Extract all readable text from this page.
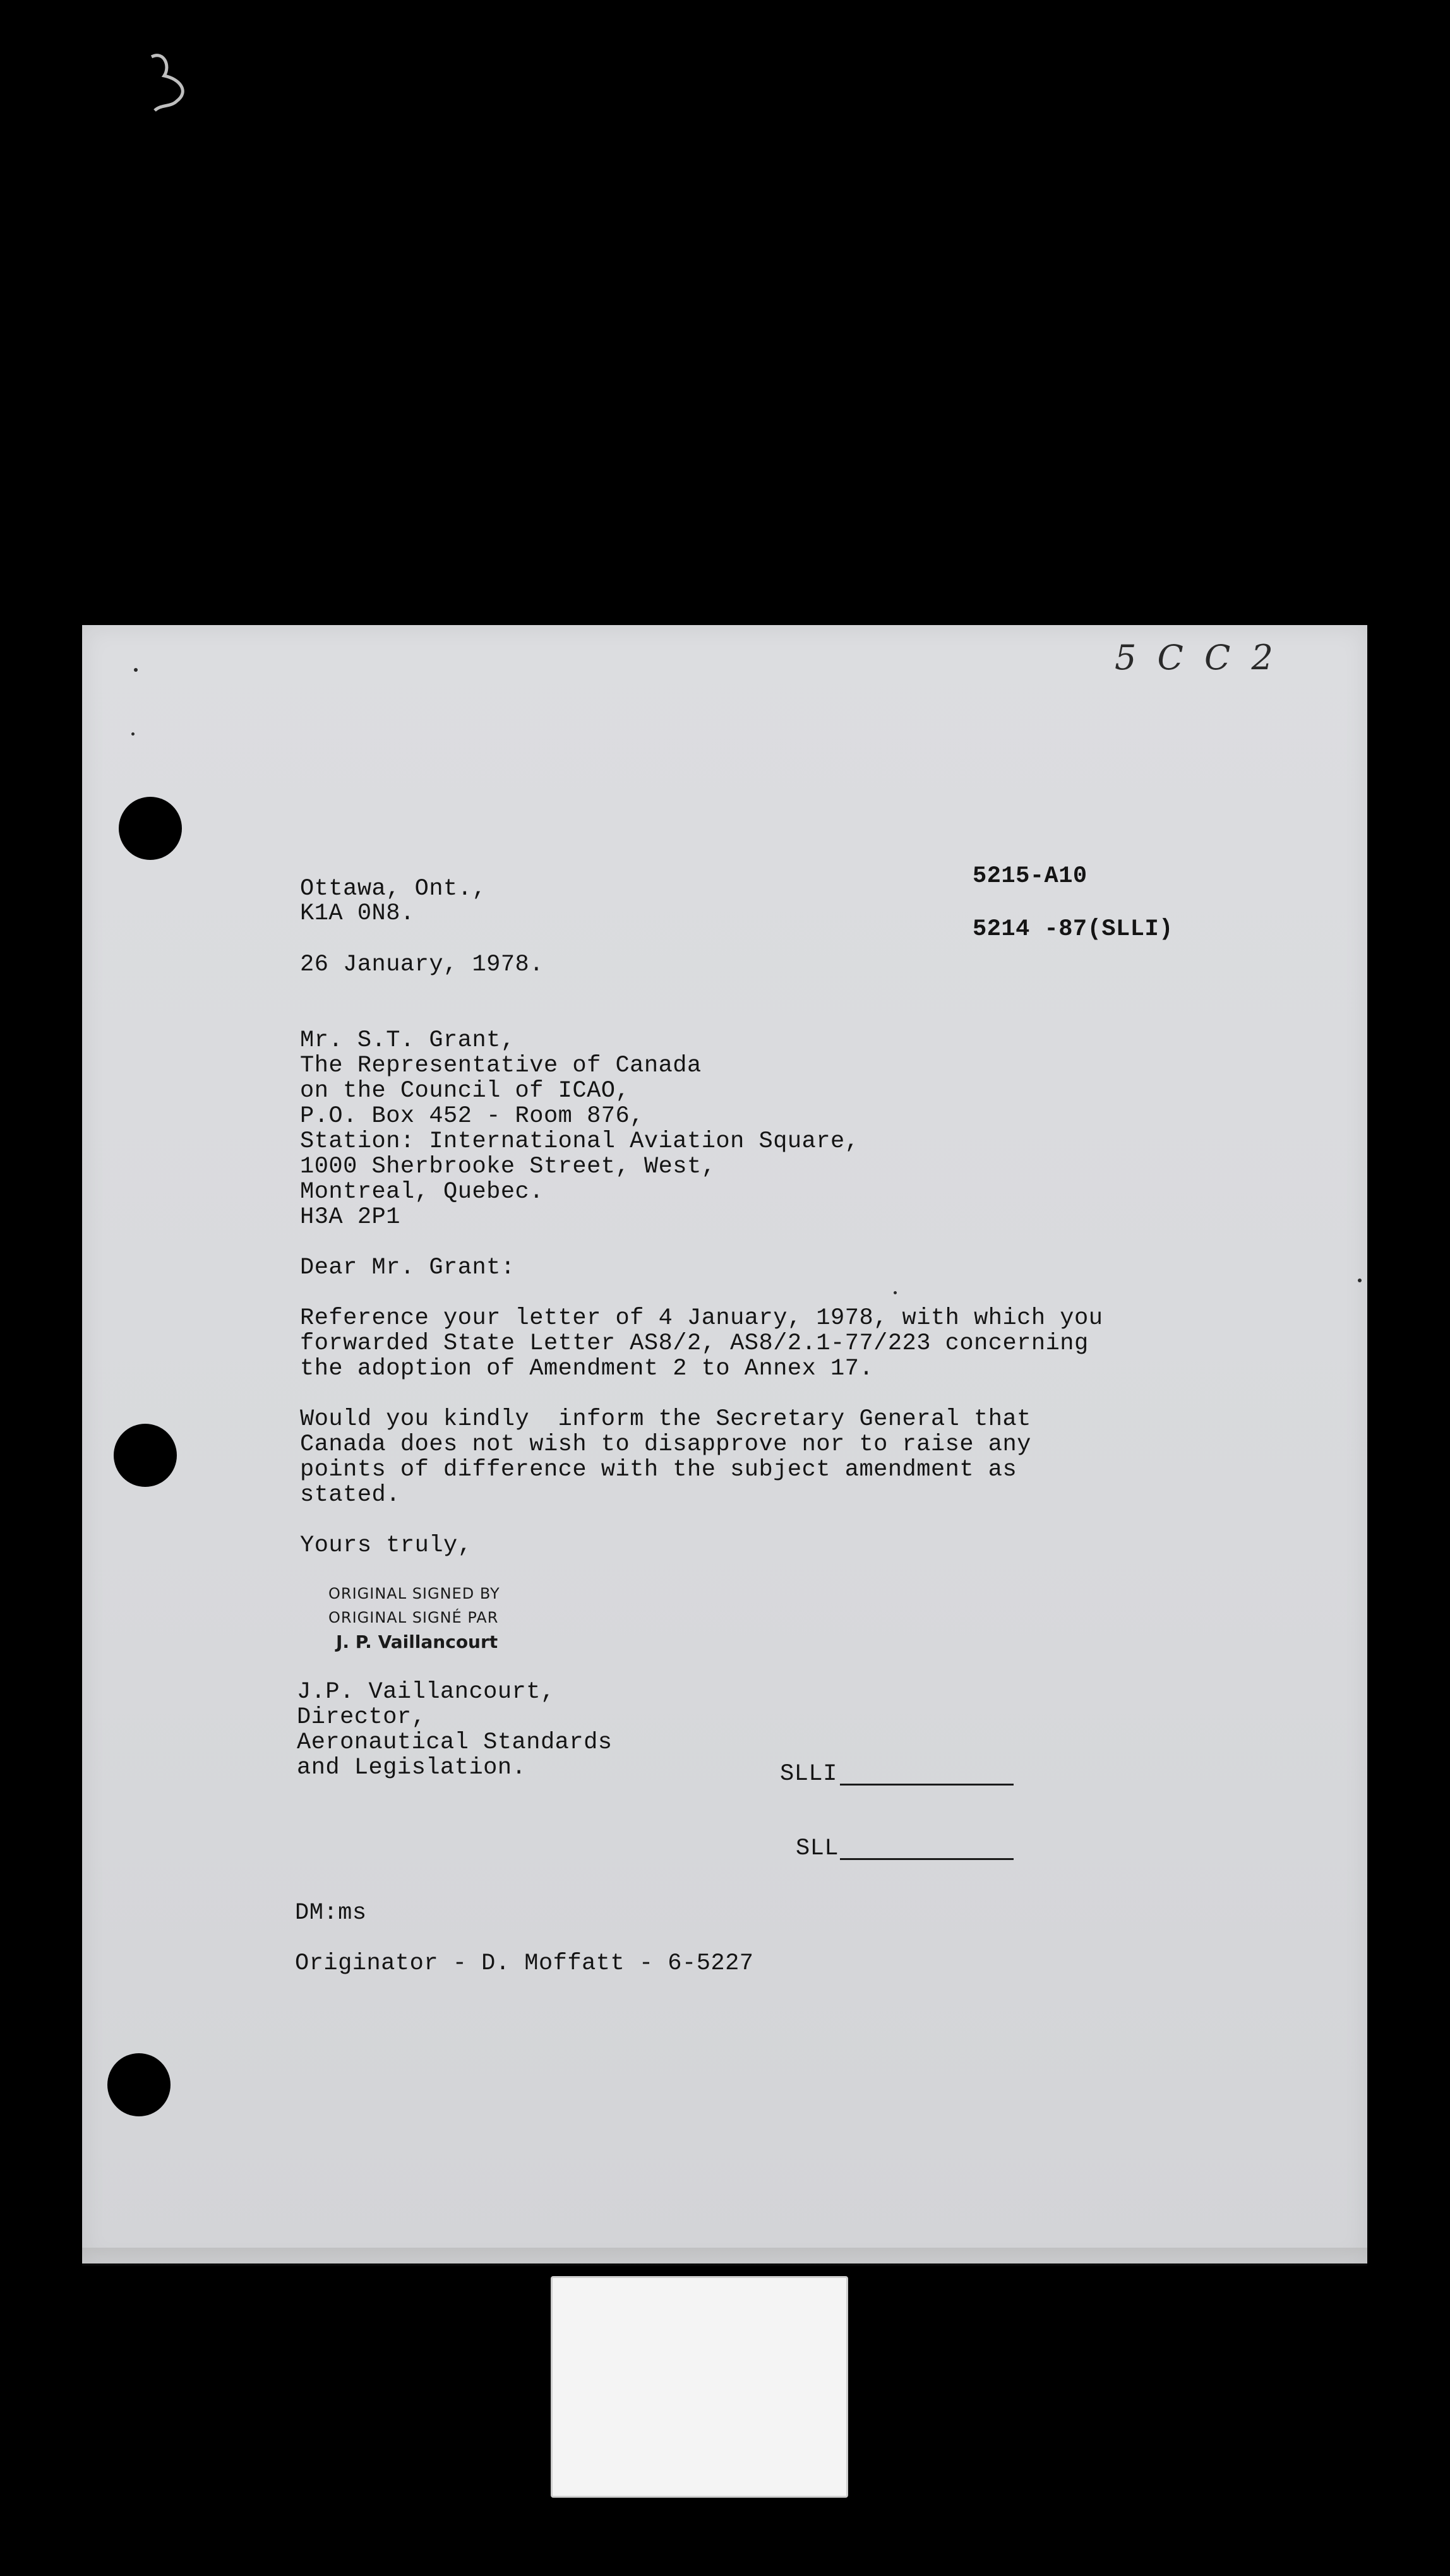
5 C C 2
5215-A10
5214 -87(SLLI)
Ottawa, Ont.,
K1A 0N8.
26 January, 1978.
Mr. S.T. Grant,
The Representative of Canada
on the Council of ICAO,
P.O. Box 452 - Room 876,
Station: International Aviation Square,
1000 Sherbrooke Street, West,
Montreal, Quebec.
H3A 2P1
Dear Mr. Grant:
Reference your letter of 4 January, 1978, with which you
forwarded State Letter AS8/2, AS8/2.1-77/223 concerning
the adoption of Amendment 2 to Annex 17.
Would you kindly  inform the Secretary General that
Canada does not wish to disapprove nor to raise any
points of difference with the subject amendment as
stated.
Yours truly,
J.P. Vaillancourt,
Director,
Aeronautical Standards
and Legislation.	SLLI
SLL
DM:ms
Originator - D. Moffatt - 6-5227
ORIGINAL SIGNED BY
ORIGINAL SIGNÉ PAR
J. P. Vaillancourt
